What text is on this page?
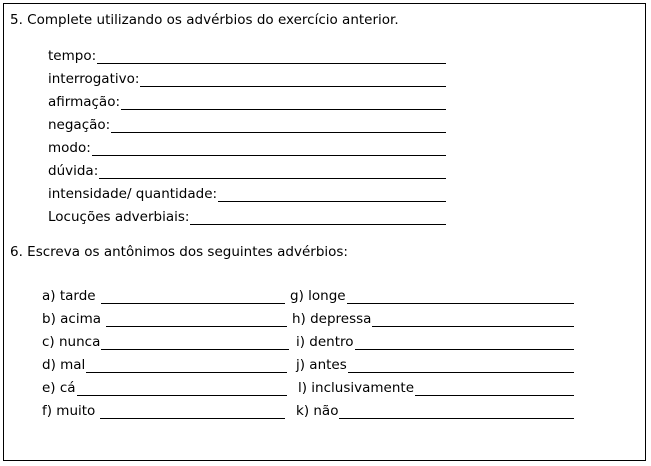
5. Complete utilizando os advérbios do exercício anterior.
tempo:
interrogativo:
afirmação:
negação:
modo:
dúvida:
intensidade/ quantidade:
Locuções adverbiais:
6. Escreva os antônimos dos seguintes advérbios:
a) tarde
b) acima
c) nunca
d) mal
e) cá
f) muito
g) longe
h) depressa
i) dentro
j) antes
l) inclusivamente
k) não
